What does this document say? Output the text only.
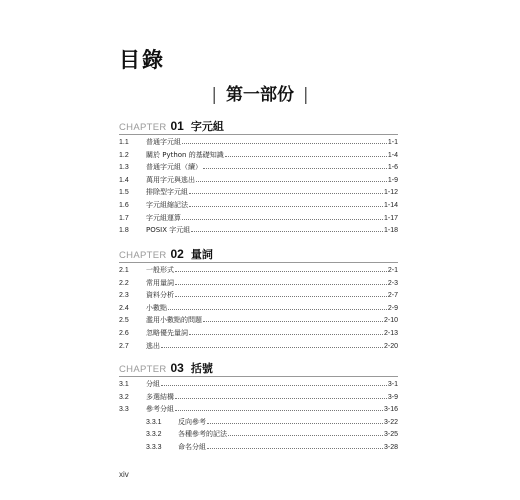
目錄
| 第一部份 |
CHAPTER 01 字元組
1.1	普通字元組	1-1
1.2	關於 Python 的基礎知識	1-4
1.3	普通字元組（續）	1-6
1.4	萬用字元與逃出	1-9
1.5	排除型字元組	1-12
1.6	字元組縮記法	1-14
1.7	字元組運算	1-17
1.8	POSIX 字元組	1-18
CHAPTER 02 量詞
2.1	一般形式	2-1
2.2	常用量詞	2-3
2.3	資料分析	2-7
2.4	小數點	2-9
2.5	濫用小數點的問題	2-10
2.6	忽略優先量詞	2-13
2.7	逃出	2-20
CHAPTER 03 括號
3.1	分組	3-1
3.2	多選結構	3-9
3.3	參考分組	3-16
3.3.1	反向參考	3-22
3.3.2	各種參考的記法	3-25
3.3.3	命名分組	3-28
xiv
